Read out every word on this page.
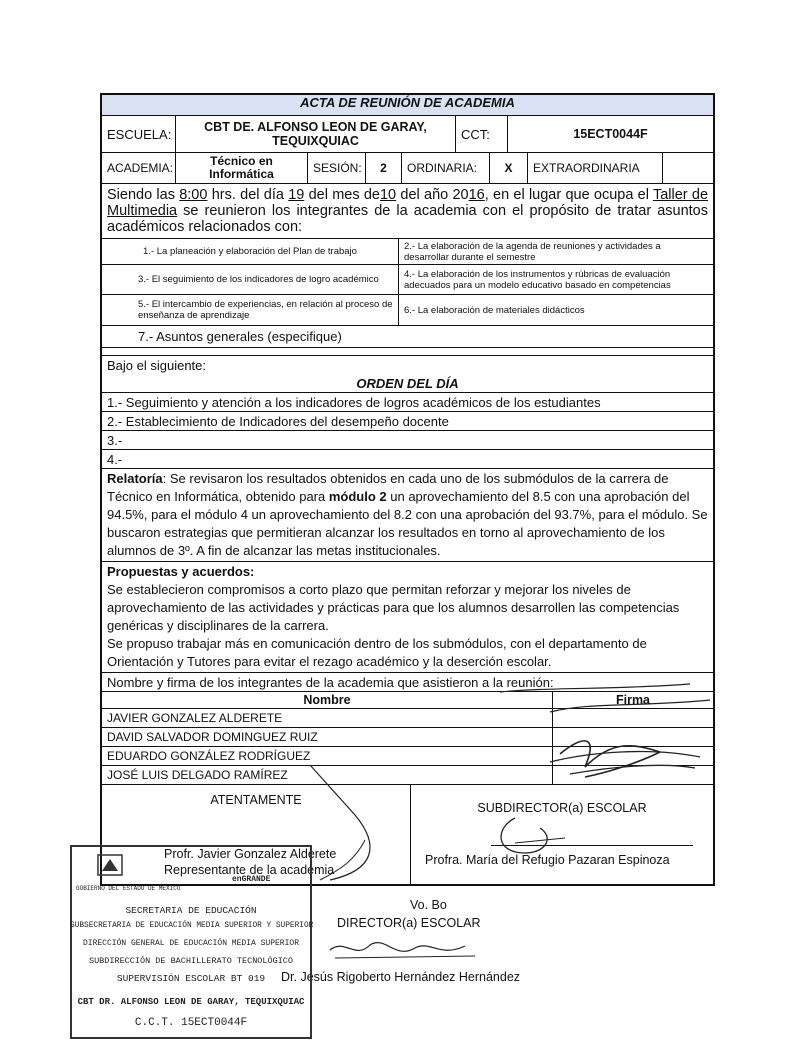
ACTA DE REUNIÓN DE ACADEMIA
ESCUELA:	CBT DE. ALFONSO LEON DE GARAY, TEQUIXQUIAC	CCT:	15ECT0044F
ACADEMIA:	Técnico en Informática	SESIÓN:	2	ORDINARIA:	X	EXTRAORDINARIA
Siendo las 8:00 hrs. del día 19 del mes de10 del año 2016, en el lugar que ocupa el Taller de Multimedia se reunieron los integrantes de la academia con el propósito de tratar asuntos académicos relacionados con:
1.- La planeación y elaboración del Plan de trabajo	2.- La elaboración de la agenda de reuniones y actividades a desarrollar durante el semestre
3.- El seguimiento de los indicadores de logro académico	4.- La elaboración de los instrumentos y rúbricas de evaluación adecuados para un modelo educativo basado en competencias
5.- El intercambio de experiencias, en relación al proceso de enseñanza de aprendizaje	6.- La elaboración de materiales didácticos
7.- Asuntos generales (especifique)
Bajo el siguiente:
ORDEN DEL DÍA
1.- Seguimiento y atención a los indicadores de logros académicos de los estudiantes
2.- Establecimiento de Indicadores del desempeño docente
3.-
4.-
Relatoría: Se revisaron los resultados obtenidos en cada uno de los submódulos de la carrera de Técnico en Informática, obtenido para módulo 2 un aprovechamiento del 8.5 con una aprobación del 94.5%, para el módulo 4 un aprovechamiento del 8.2 con una aprobación del 93.7%, para el módulo. Se buscaron estrategias que permitieran alcanzar los resultados en torno al aprovechamiento de los alumnos de 3º. A fin de alcanzar las metas institucionales.
Propuestas y acuerdos:
Se establecieron compromisos a corto plazo que permitan reforzar y mejorar los niveles de aprovechamiento de las actividades y prácticas para que los alumnos desarrollen las competencias genéricas y disciplinares de la carrera.
Se propuso trabajar más en comunicación dentro de los submódulos, con el departamento de Orientación y Tutores para evitar el rezago académico y la deserción escolar.
Nombre y firma de los integrantes de la academia que asistieron a la reunión:
Nombre	Firma
JAVIER GONZALEZ ALDERETE
DAVID SALVADOR DOMINGUEZ RUIZ
EDUARDO GONZÁLEZ RODRÍGUEZ
JOSÉ LUIS DELGADO RAMÍREZ
ATENTAMENTE
Profr. Javier Gonzalez Alderete
Representante de la academia
SUBDIRECTOR(a) ESCOLAR
Profra. María del Refugio Pazaran Espinoza
Vo. Bo
DIRECTOR(a) ESCOLAR
Dr. Jesús Rigoberto Hernández Hernández
GOBIERNO DEL ESTADO DE MÉXICO
enGRANDE
SECRETARIA DE EDUCACIÓN
SUBSECRETARIA DE EDUCACIÓN MEDIA SUPERIOR Y SUPERIOR
DIRECCIÓN GENERAL DE EDUCACIÓN MEDIA SUPERIOR
SUBDIRECCIÓN DE BACHILLERATO TECNOLÓGICO
SUPERVISIÓN ESCOLAR BT 019
CBT DR. ALFONSO LEON DE GARAY, TEQUIXQUIAC
C.C.T. 15ECT0044F
